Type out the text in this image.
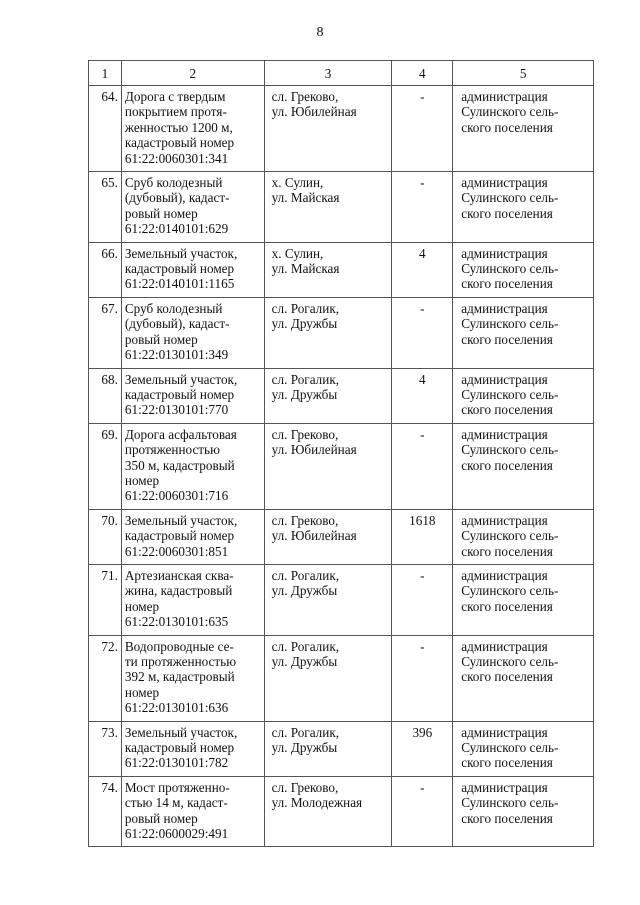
8
1	2	3	4	5
64.	Дорога с твердым
покрытием протя-
женностью 1200 м,
кадастровый номер
61:22:0060301:341	сл. Греково,
ул. Юбилейная	-	администрация
Сулинского сель-
ского поселения

65.	Сруб колодезный
(дубовый), кадаст-
ровый номер
61:22:0140101:629	х. Сулин,
ул. Майская	-	администрация
Сулинского сель-
ского поселения

66.	Земельный участок,
кадастровый номер
61:22:0140101:1165	х. Сулин,
ул. Майская	4	администрация
Сулинского сель-
ского поселения

67.	Сруб колодезный
(дубовый), кадаст-
ровый номер
61:22:0130101:349	сл. Рогалик,
ул. Дружбы	-	администрация
Сулинского сель-
ского поселения

68.	Земельный участок,
кадастровый номер
61:22:0130101:770	сл. Рогалик,
ул. Дружбы	4	администрация
Сулинского сель-
ского поселения

69.	Дорога асфальтовая
протяженностью
350 м, кадастровый
номер
61:22:0060301:716	сл. Греково,
ул. Юбилейная	-	администрация
Сулинского сель-
ского поселения

70.	Земельный участок,
кадастровый номер
61:22:0060301:851	сл. Греково,
ул. Юбилейная	1618	администрация
Сулинского сель-
ского поселения

71.	Артезианская сква-
жина, кадастровый
номер
61:22:0130101:635	сл. Рогалик,
ул. Дружбы	-	администрация
Сулинского сель-
ского поселения

72.	Водопроводные се-
ти протяженностью
392 м, кадастровый
номер
61:22:0130101:636	сл. Рогалик,
ул. Дружбы	-	администрация
Сулинского сель-
ского поселения

73.	Земельный участок,
кадастровый номер
61:22:0130101:782	сл. Рогалик,
ул. Дружбы	396	администрация
Сулинского сель-
ского поселения

74.	Мост протяженно-
стью 14 м, кадаст-
ровый номер
61:22:0600029:491	сл. Греково,
ул. Молодежная	-	администрация
Сулинского сель-
ского поселения
